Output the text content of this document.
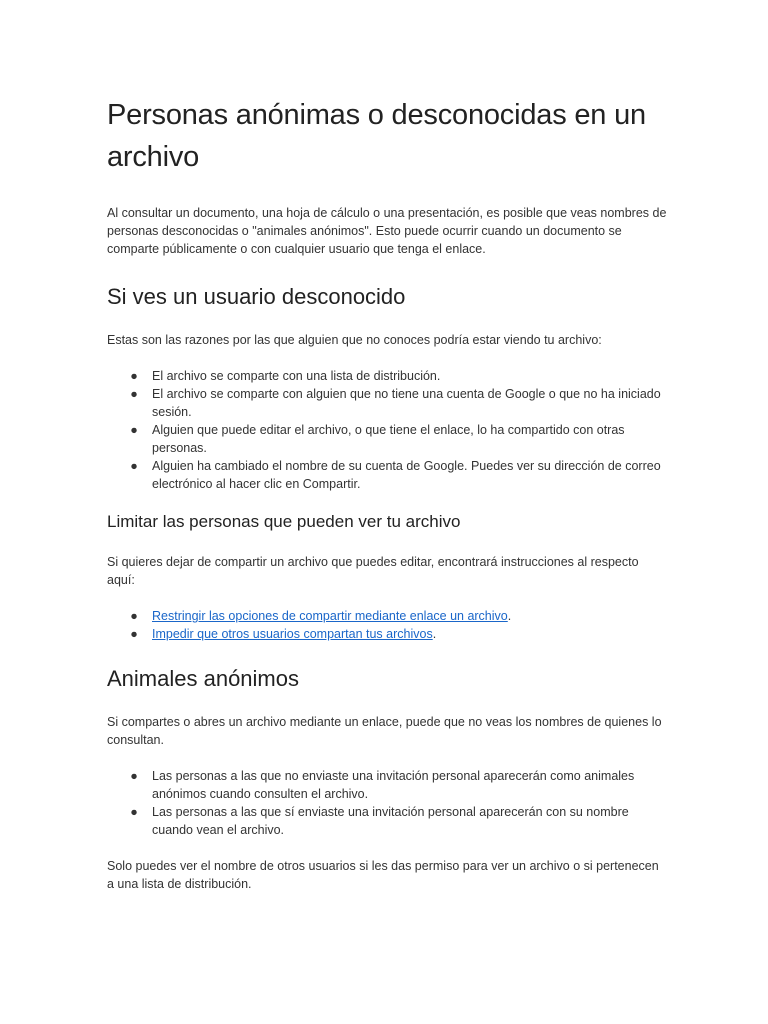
Personas anónimas o desconocidas en un archivo

Al consultar un documento, una hoja de cálculo o una presentación, es posible que veas nombres de personas desconocidas o "animales anónimos". Esto puede ocurrir cuando un documento se comparte públicamente o con cualquier usuario que tenga el enlace.

Si ves un usuario desconocido

Estas son las razones por las que alguien que no conoces podría estar viendo tu archivo:

● El archivo se comparte con una lista de distribución.
● El archivo se comparte con alguien que no tiene una cuenta de Google o que no ha iniciado sesión.
● Alguien que puede editar el archivo, o que tiene el enlace, lo ha compartido con otras personas.
● Alguien ha cambiado el nombre de su cuenta de Google. Puedes ver su dirección de correo electrónico al hacer clic en Compartir.
Limitar las personas que pueden ver tu archivo

Si quieres dejar de compartir un archivo que puedes editar, encontrará instrucciones al respecto aquí:

● Restringir las opciones de compartir mediante enlace un archivo.
● Impedir que otros usuarios compartan tus archivos.
Animales anónimos

Si compartes o abres un archivo mediante un enlace, puede que no veas los nombres de quienes lo consultan.

● Las personas a las que no enviaste una invitación personal aparecerán como animales anónimos cuando consulten el archivo.
● Las personas a las que sí enviaste una invitación personal aparecerán con su nombre cuando vean el archivo.

Solo puedes ver el nombre de otros usuarios si les das permiso para ver un archivo o si pertenecen a una lista de distribución.
